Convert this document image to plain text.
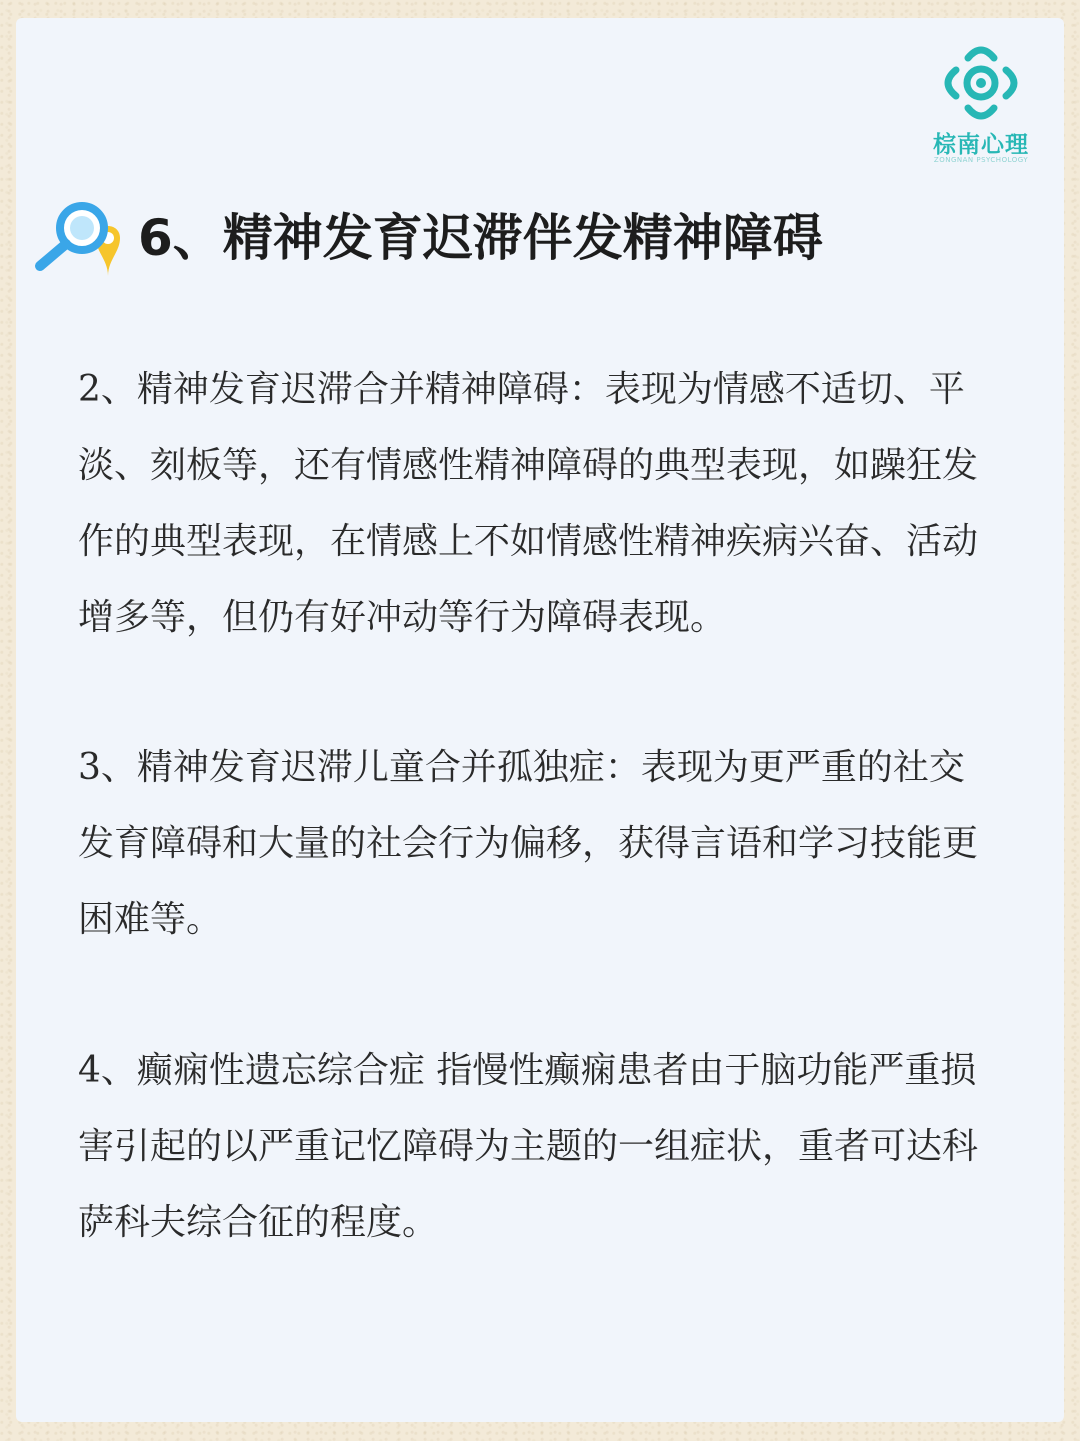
棕南心理
ZONGNAN PSYCHOLOGY
6、精神发育迟滞伴发精神障碍

2、精神发育迟滞合并精神障碍：表现为情感不适切、平淡、刻板等，还有情感性精神障碍的典型表现，如躁狂发作的典型表现，在情感上不如情感性精神疾病兴奋、活动增多等，但仍有好冲动等行为障碍表现。

3、精神发育迟滞儿童合并孤独症：表现为更严重的社交发育障碍和大量的社会行为偏移，获得言语和学习技能更困难等。

4、癫痫性遗忘综合症 指慢性癫痫患者由于脑功能严重损害引起的以严重记忆障碍为主题的一组症状，重者可达科萨科夫综合征的程度。
